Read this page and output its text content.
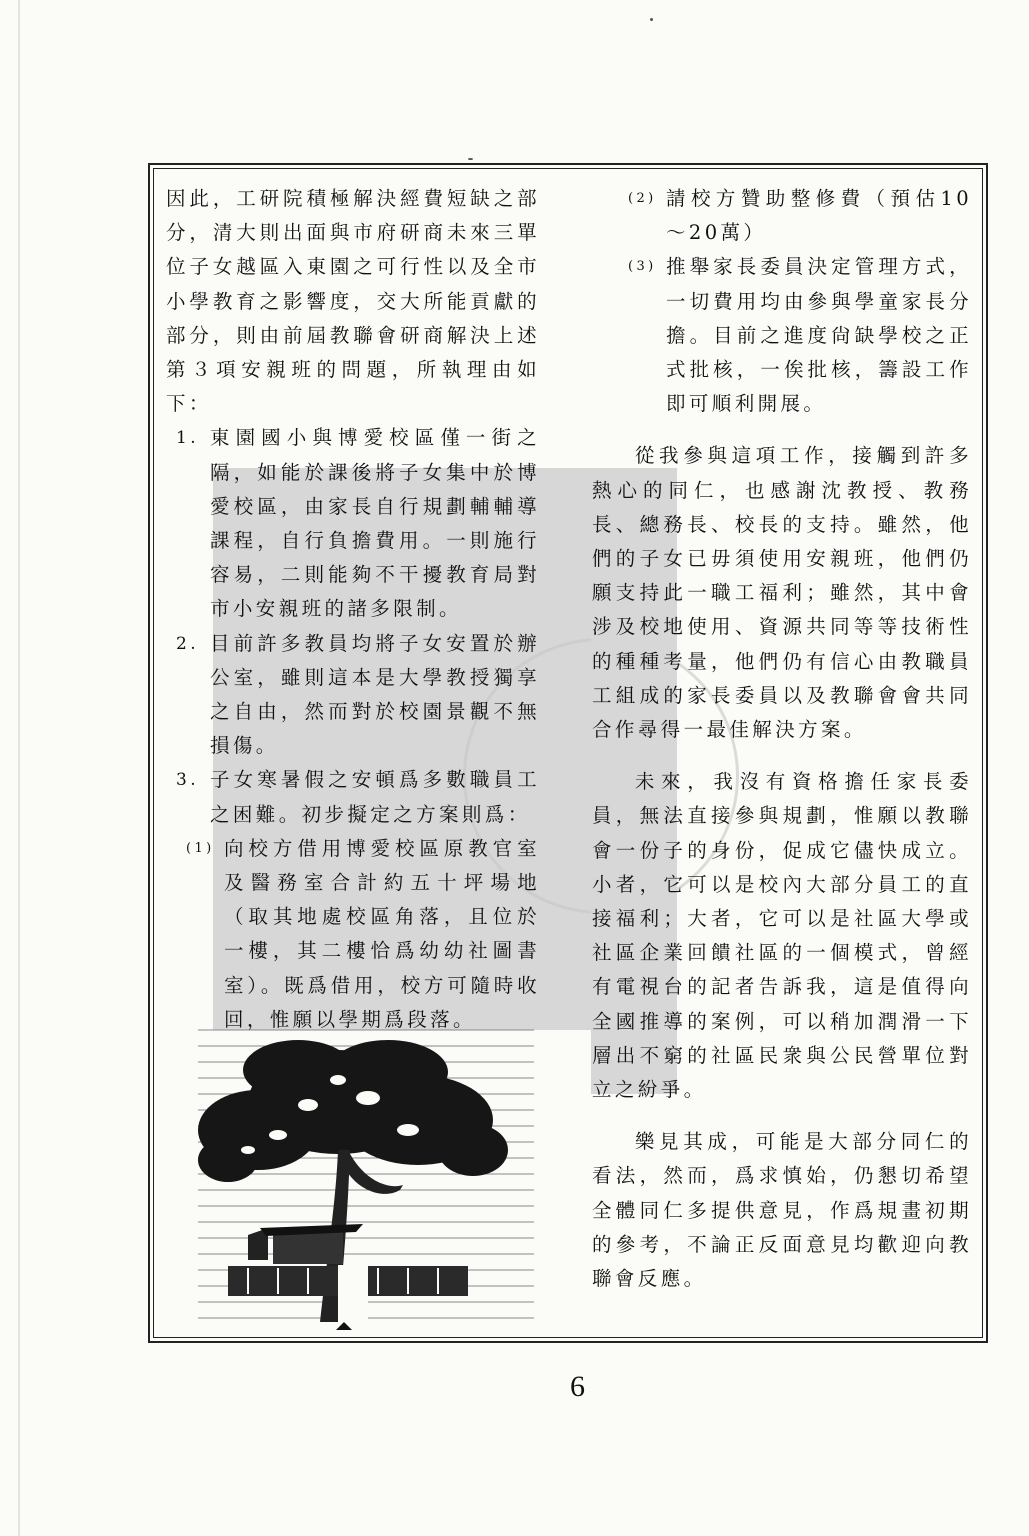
因此，工研院積極解決經費短缺之部分，清大則出面與市府研商未來三單位子女越區入東園之可行性以及全市小學教育之影響度，交大所能貢獻的部分，則由前屆教聯會研商解決上述第３項安親班的問題，所執理由如下：

1. 東園國小與博愛校區僅一街之隔，如能於課後將子女集中於博愛校區，由家長自行規劃輔輔導課程，自行負擔費用。一則施行容易，二則能夠不干擾教育局對市小安親班的諸多限制。
2. 目前許多教員均將子女安置於辦公室，雖則這本是大學教授獨享之自由，然而對於校園景觀不無損傷。
3. 子女寒暑假之安頓爲多數職員工之困難。初步擬定之方案則爲：
(1) 向校方借用博愛校區原教官室及醫務室合計約五十坪場地（取其地處校區角落，且位於一樓，其二樓恰爲幼幼社圖書室）。既爲借用，校方可隨時收回，惟願以學期爲段落。
(2) 請校方贊助整修費（預估10～20萬）
(3) 推舉家長委員決定管理方式，一切費用均由參與學童家長分擔。目前之進度尙缺學校之正式批核，一俟批核，籌設工作即可順利開展。

從我參與這項工作，接觸到許多熱心的同仁，也感謝沈教授、教務長、總務長、校長的支持。雖然，他們的子女已毋須使用安親班，他們仍願支持此一職工福利；雖然，其中會涉及校地使用、資源共同等等技術性的種種考量，他們仍有信心由教職員工組成的家長委員以及教聯會會共同合作尋得一最佳解決方案。

未來，我沒有資格擔任家長委員，無法直接參與規劃，惟願以教聯會一份子的身份，促成它儘快成立。小者，它可以是校內大部分員工的直接福利；大者，它可以是社區大學或社區企業回饋社區的一個模式，曾經有電視台的記者告訴我，這是值得向全國推導的案例，可以稍加潤滑一下層出不窮的社區民衆與公民營單位對立之紛爭。

樂見其成，可能是大部分同仁的看法，然而，爲求慎始，仍懇切希望全體同仁多提供意見，作爲規畫初期的參考，不論正反面意見均歡迎向教聯會反應。

6
